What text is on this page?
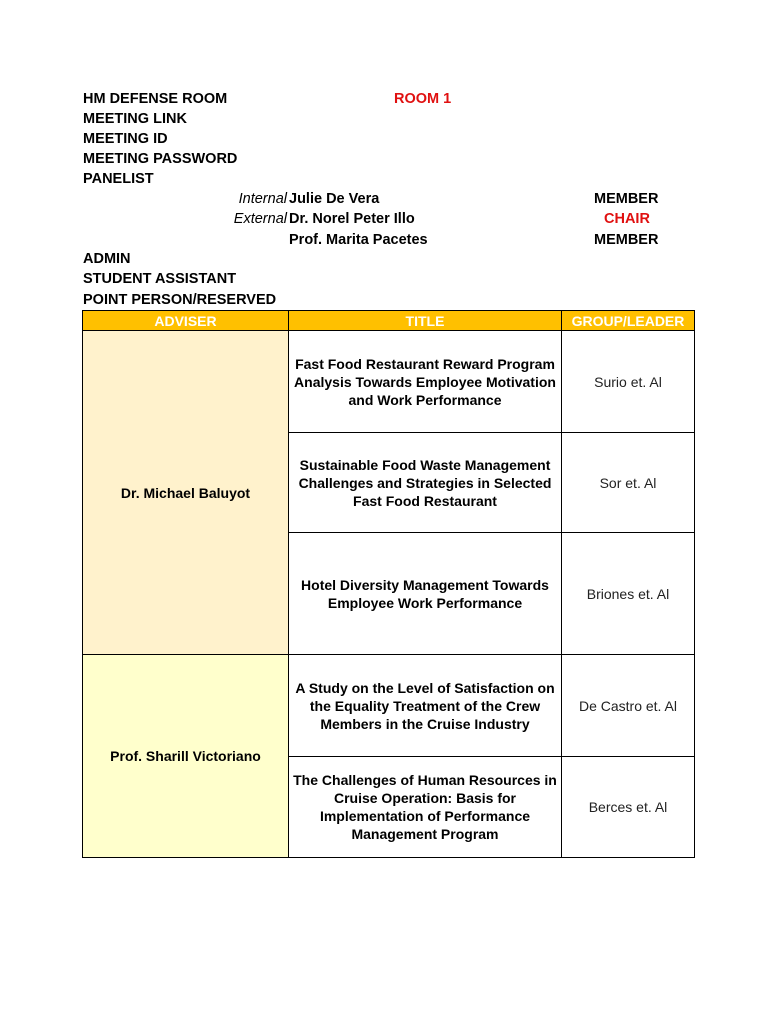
HM DEFENSE ROOM	ROOM 1
MEETING LINK
MEETING ID
MEETING PASSWORD
PANELIST
Internal Julie De Vera	MEMBER
External Dr. Norel Peter Illo	CHAIR
Prof. Marita Pacetes	MEMBER
ADMIN
STUDENT ASSISTANT
POINT PERSON/RESERVED
ADVISER	TITLE	GROUP/LEADER
Dr. Michael Baluyot	Fast Food Restaurant Reward Program Analysis Towards Employee Motivation and Work Performance	Surio et. Al
	Sustainable Food Waste Management Challenges and Strategies in Selected Fast Food Restaurant	Sor et. Al
	Hotel Diversity Management Towards Employee Work Performance	Briones et. Al
Prof. Sharill Victoriano	A Study on the Level of Satisfaction on the Equality Treatment of the Crew Members in the Cruise Industry	De Castro et. Al
	The Challenges of Human Resources in Cruise Operation: Basis for Implementation of Performance Management Program	Berces et. Al
